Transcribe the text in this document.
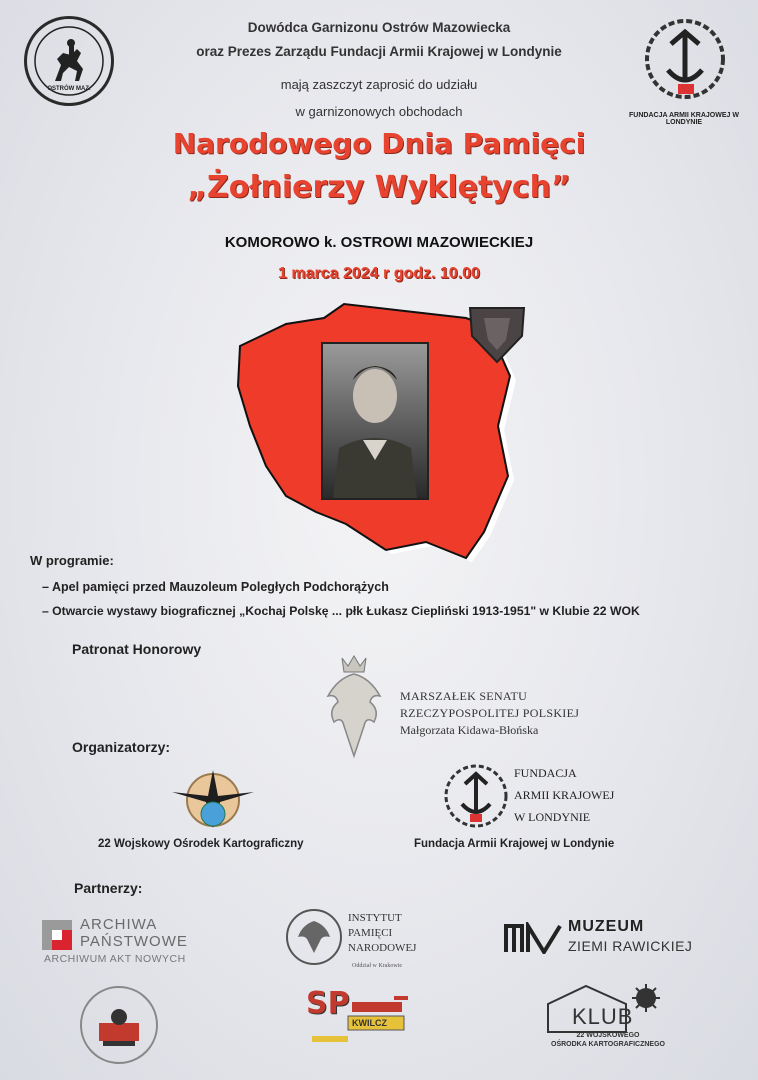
OSTRÓW MAZ.
FUNDACJA ARMII KRAJOWEJ W LONDYNIE
Dowódca Garnizonu Ostrów Mazowiecka
oraz Prezes Zarządu Fundacji Armii Krajowej w Londynie
mają zaszczyt zaprosić do udziału
w garnizonowych obchodach
Narodowego Dnia Pamięci
„Żołnierzy Wyklętych”
KOMOROWO k. OSTROWI MAZOWIECKIEJ
1 marca 2024 r godz. 10.00
W programie:
– Apel pamięci przed Mauzoleum Poległych Podchorążych
– Otwarcie wystawy biograficznej „Kochaj Polskę ... płk Łukasz Ciepliński 1913-1951" w Klubie 22 WOK
Patronat Honorowy
MARSZAŁEK SENATU
RZECZYPOSPOLITEJ POLSKIEJ
Małgorzata Kidawa-Błońska
Organizatorzy:
22 Wojskowy Ośrodek Kartograficzny
FUNDACJA
ARMII KRAJOWEJ
W LONDYNIE
Fundacja Armii Krajowej w Londynie
Partnerzy:
ARCHIWA
PAŃSTWOWE
ARCHIWUM AKT NOWYCH
INSTYTUT
PAMIĘCI
NARODOWEJ
Oddział w Krakowie
MUZEUM
ZIEMI RAWICKIEJ
SP
KWILCZ	KLUB
22 WOJSKOWEGO
OŚRODKA KARTOGRAFICZNEGO
